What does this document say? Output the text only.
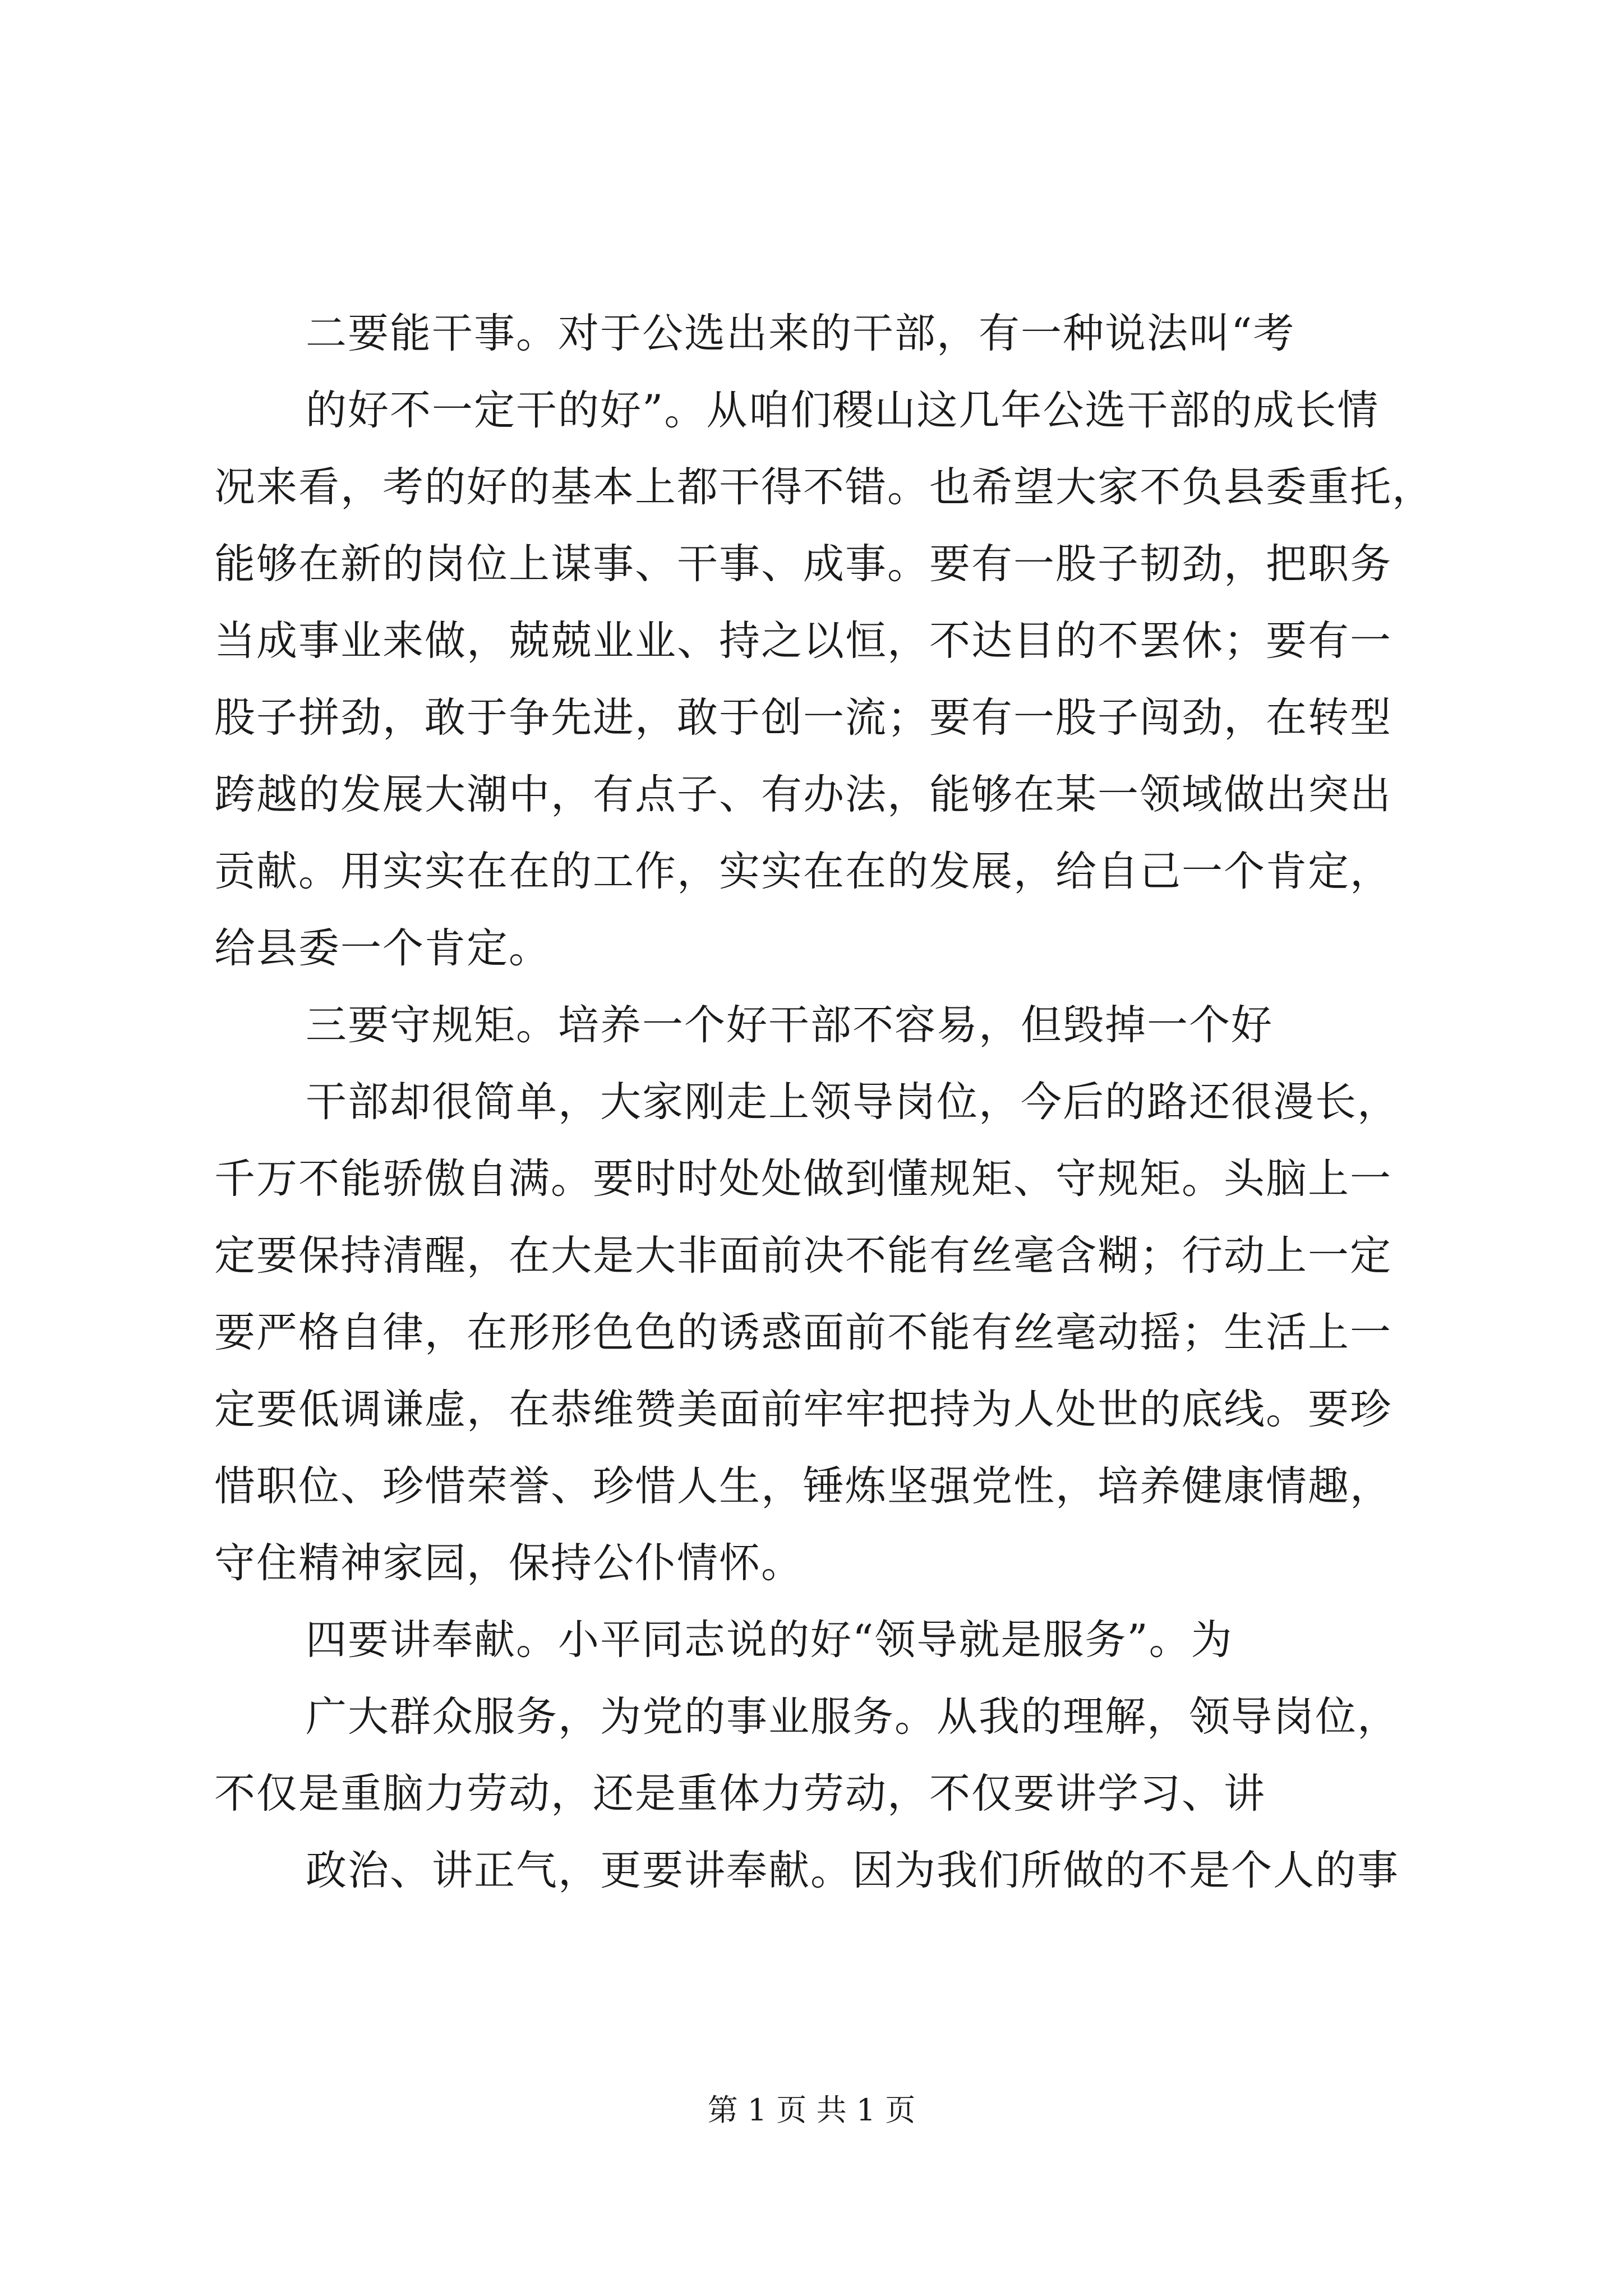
二要能干事。对于公选出来的干部，有一种说法叫“考

的好不一定干的好”。从咱们稷山这几年公选干部的成长情

况来看，考的好的基本上都干得不错。也希望大家不负县委重托，

能够在新的岗位上谋事、干事、成事。要有一股子韧劲，把职务

当成事业来做，兢兢业业、持之以恒，不达目的不罢休；要有一

股子拼劲，敢于争先进，敢于创一流；要有一股子闯劲，在转型

跨越的发展大潮中，有点子、有办法，能够在某一领域做出突出

贡献。用实实在在的工作，实实在在的发展，给自己一个肯定，

给县委一个肯定。

三要守规矩。培养一个好干部不容易，但毁掉一个好

干部却很简单，大家刚走上领导岗位，今后的路还很漫长，

千万不能骄傲自满。要时时处处做到懂规矩、守规矩。头脑上一

定要保持清醒，在大是大非面前决不能有丝毫含糊；行动上一定

要严格自律，在形形色色的诱惑面前不能有丝毫动摇；生活上一

定要低调谦虚，在恭维赞美面前牢牢把持为人处世的底线。要珍

惜职位、珍惜荣誉、珍惜人生，锤炼坚强党性，培养健康情趣，

守住精神家园，保持公仆情怀。

四要讲奉献。小平同志说的好“领导就是服务”。为

广大群众服务，为党的事业服务。从我的理解，领导岗位，

不仅是重脑力劳动，还是重体力劳动，不仅要讲学习、讲

政治、讲正气，更要讲奉献。因为我们所做的不是个人的事

第 1 页 共 1 页
